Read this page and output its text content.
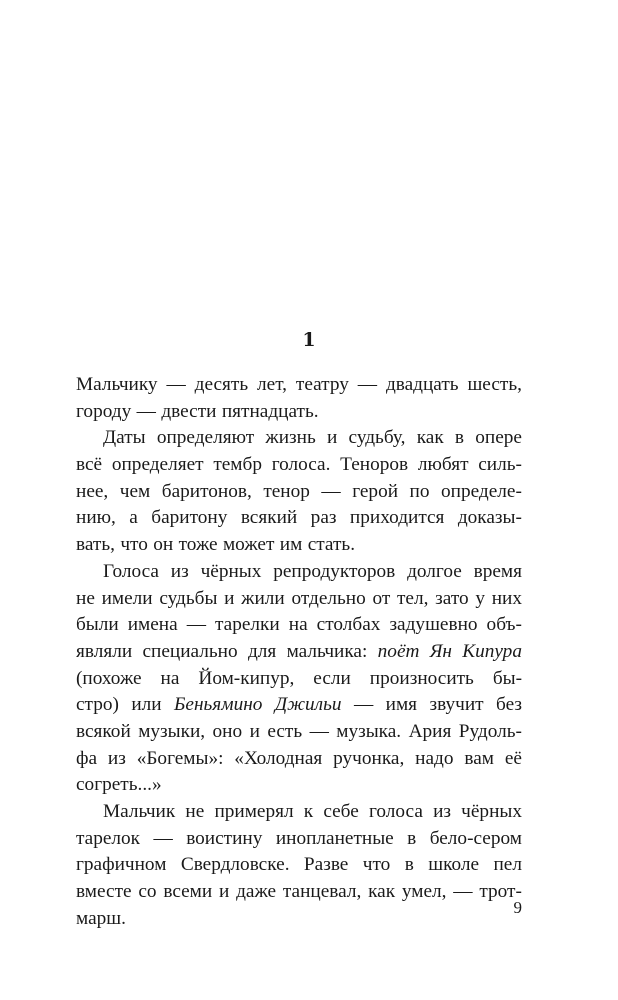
1
Мальчику — десять лет, театру — двадцать шесть,
городу — двести пятнадцать.
Даты определяют жизнь и судьбу, как в опере
всё определяет тембр голоса. Теноров любят силь-
нее, чем баритонов, тенор — герой по определе-
нию, а баритону всякий раз приходится доказы-
вать, что он тоже может им стать.
Голоса из чёрных репродукторов долгое время
не имели судьбы и жили отдельно от тел, зато у них
были имена — тарелки на столбах задушевно объ-
являли специально для мальчика: поёт Ян Кипура
(похоже на Йом-кипур, если произносить бы-
стро) или Беньямино Джильи — имя звучит без
всякой музыки, оно и есть — музыка. Ария Рудоль-
фа из «Богемы»: «Холодная ручонка, надо вам её
согреть...»
Мальчик не примерял к себе голоса из чёрных
тарелок — воистину инопланетные в бело-сером
графичном Свердловске. Разве что в школе пел
вместе со всеми и даже танцевал, как умел, — трот-
марш.
9
